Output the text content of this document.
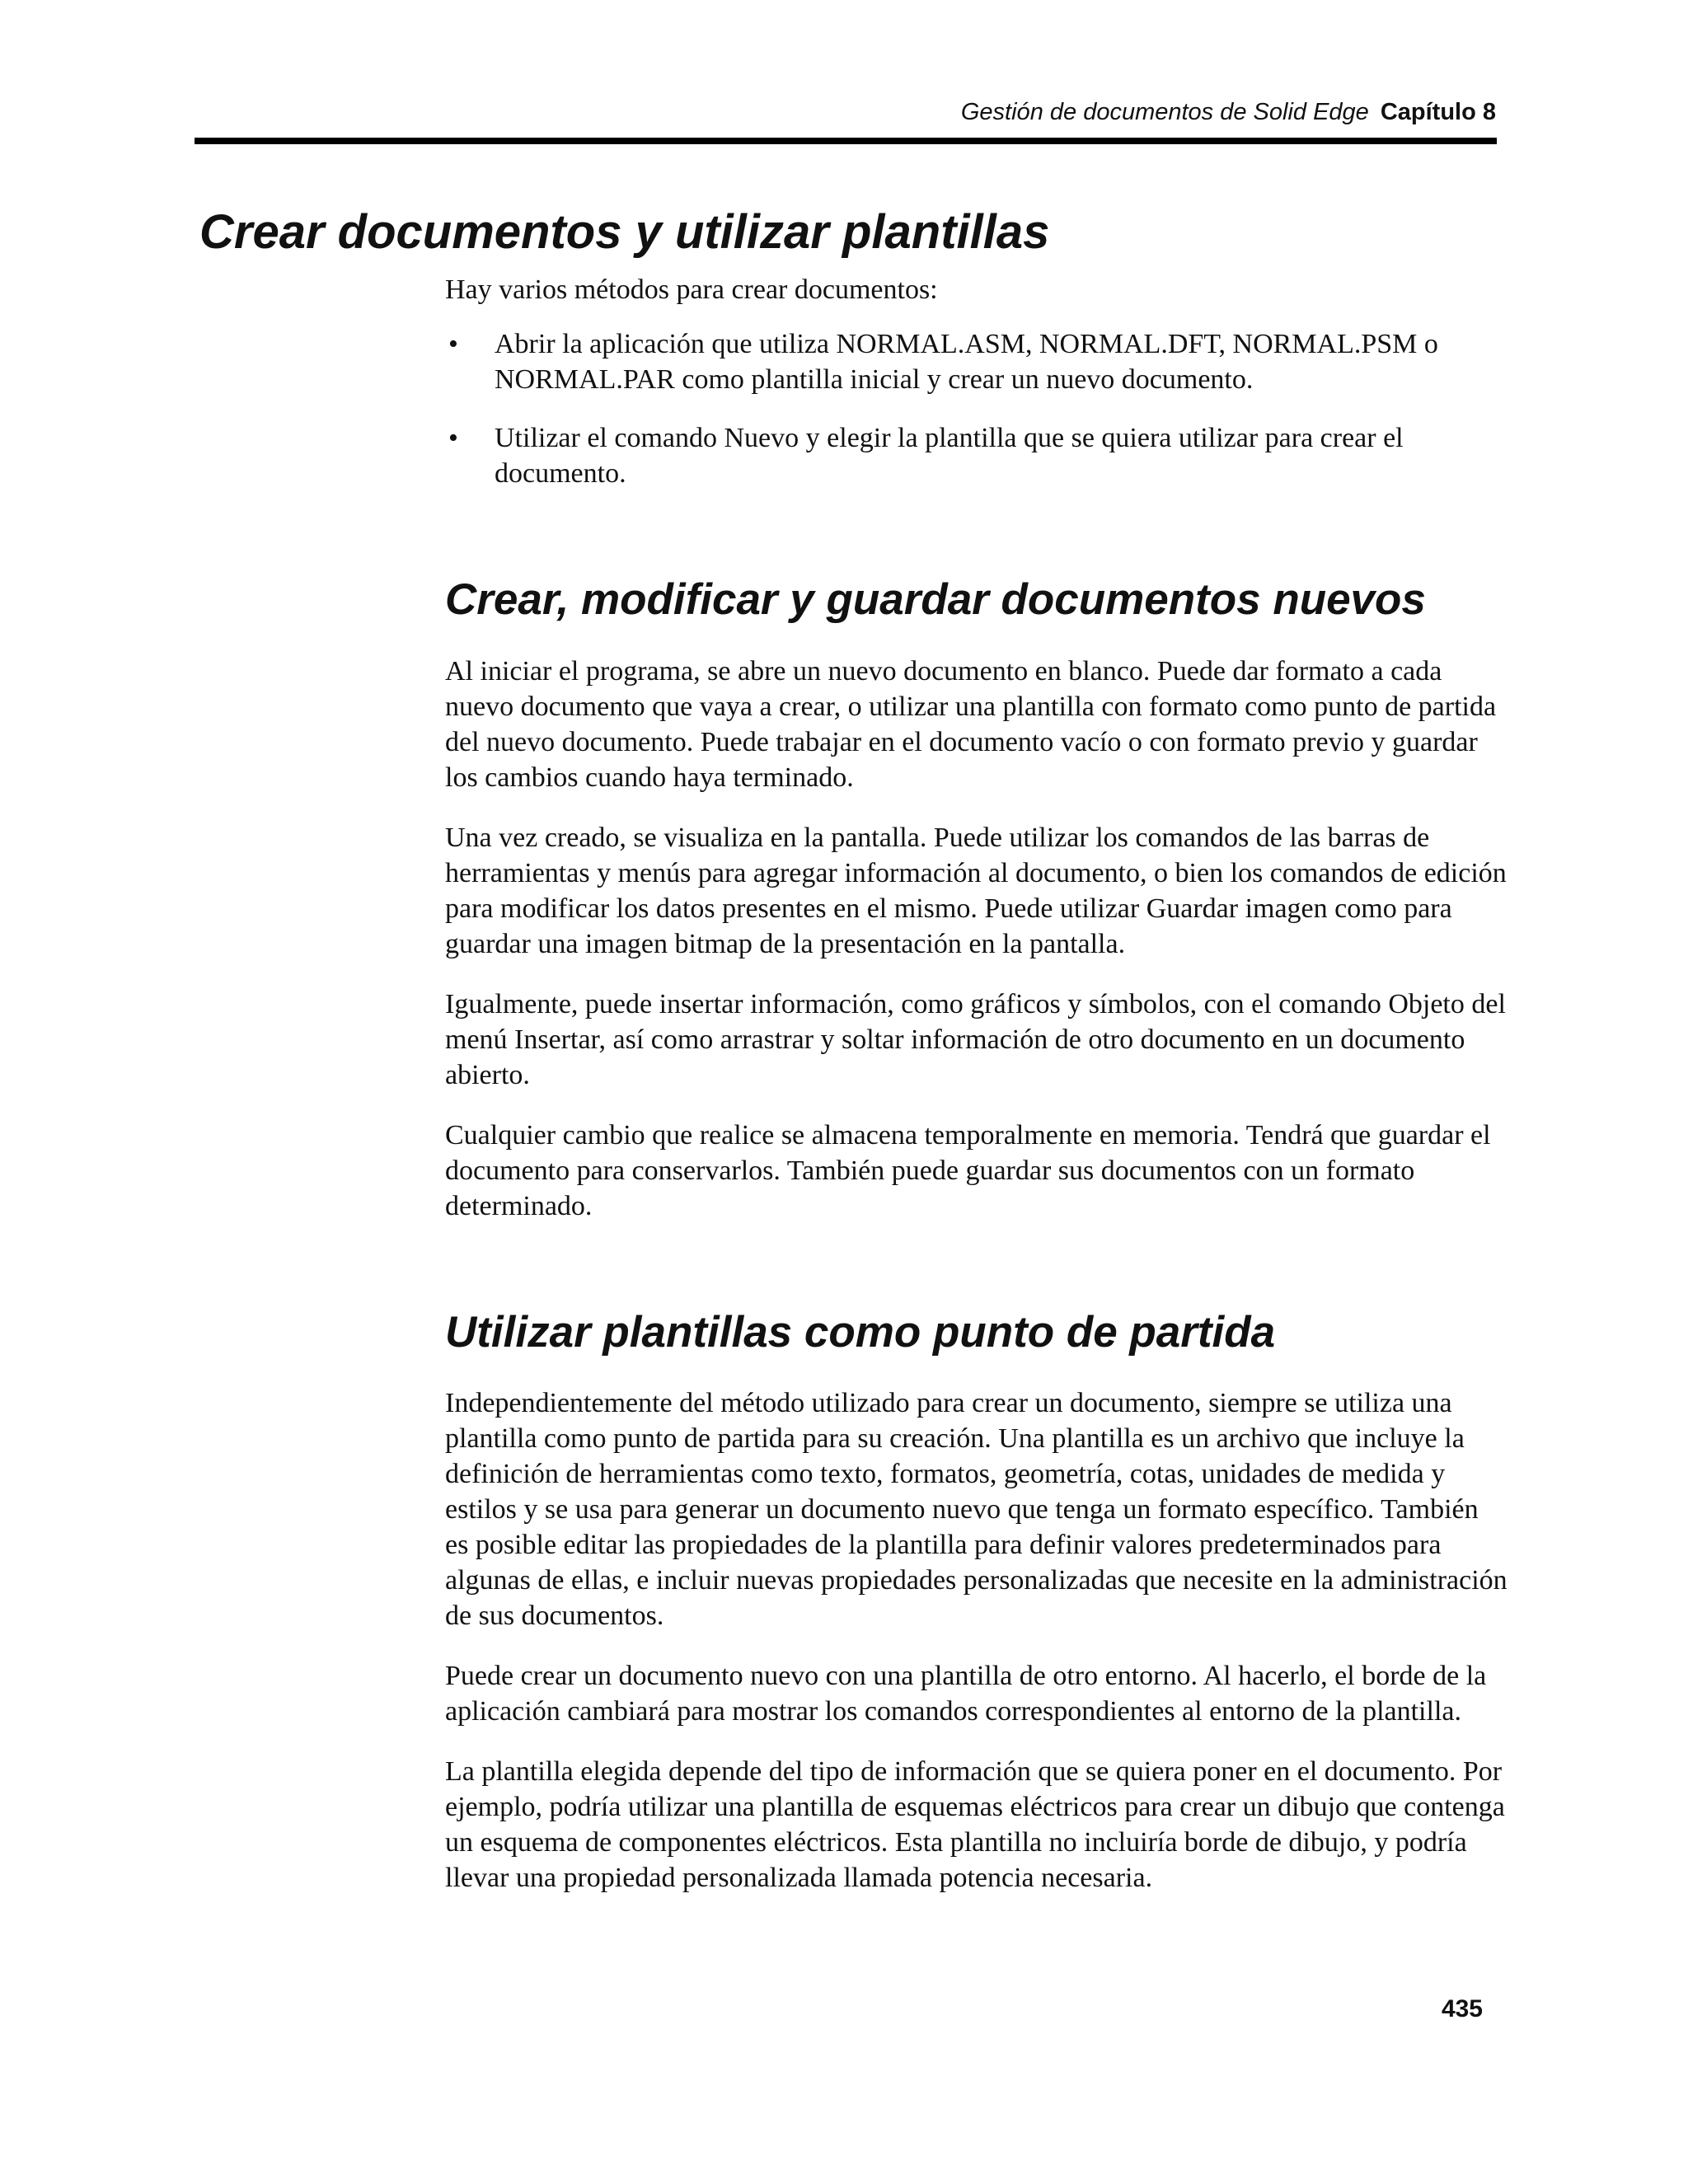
Gestión de documentos de Solid Edge Capítulo 8
Crear documentos y utilizar plantillas

Hay varios métodos para crear documentos:

• Abrir la aplicación que utiliza NORMAL.ASM, NORMAL.DFT, NORMAL.PSM o NORMAL.PAR como plantilla inicial y crear un nuevo documento.
• Utilizar el comando Nuevo y elegir la plantilla que se quiera utilizar para crear el documento.
Crear, modificar y guardar documentos nuevos

Al iniciar el programa, se abre un nuevo documento en blanco. Puede dar formato a cada nuevo documento que vaya a crear, o utilizar una plantilla con formato como punto de partida del nuevo documento. Puede trabajar en el documento vacío o con formato previo y guardar los cambios cuando haya terminado.

Una vez creado, se visualiza en la pantalla. Puede utilizar los comandos de las barras de herramientas y menús para agregar información al documento, o bien los comandos de edición para modificar los datos presentes en el mismo. Puede utilizar Guardar imagen como para guardar una imagen bitmap de la presentación en la pantalla.

Igualmente, puede insertar información, como gráficos y símbolos, con el comando Objeto del menú Insertar, así como arrastrar y soltar información de otro documento en un documento abierto.

Cualquier cambio que realice se almacena temporalmente en memoria. Tendrá que guardar el documento para conservarlos. También puede guardar sus documentos con un formato determinado.

Utilizar plantillas como punto de partida

Independientemente del método utilizado para crear un documento, siempre se utiliza una plantilla como punto de partida para su creación. Una plantilla es un archivo que incluye la definición de herramientas como texto, formatos, geometría, cotas, unidades de medida y estilos y se usa para generar un documento nuevo que tenga un formato específico. También es posible editar las propiedades de la plantilla para definir valores predeterminados para algunas de ellas, e incluir nuevas propiedades personalizadas que necesite en la administración de sus documentos.

Puede crear un documento nuevo con una plantilla de otro entorno. Al hacerlo, el borde de la aplicación cambiará para mostrar los comandos correspondientes al entorno de la plantilla.

La plantilla elegida depende del tipo de información que se quiera poner en el documento. Por ejemplo, podría utilizar una plantilla de esquemas eléctricos para crear un dibujo que contenga un esquema de componentes eléctricos. Esta plantilla no incluiría borde de dibujo, y podría llevar una propiedad personalizada llamada potencia necesaria.

435
